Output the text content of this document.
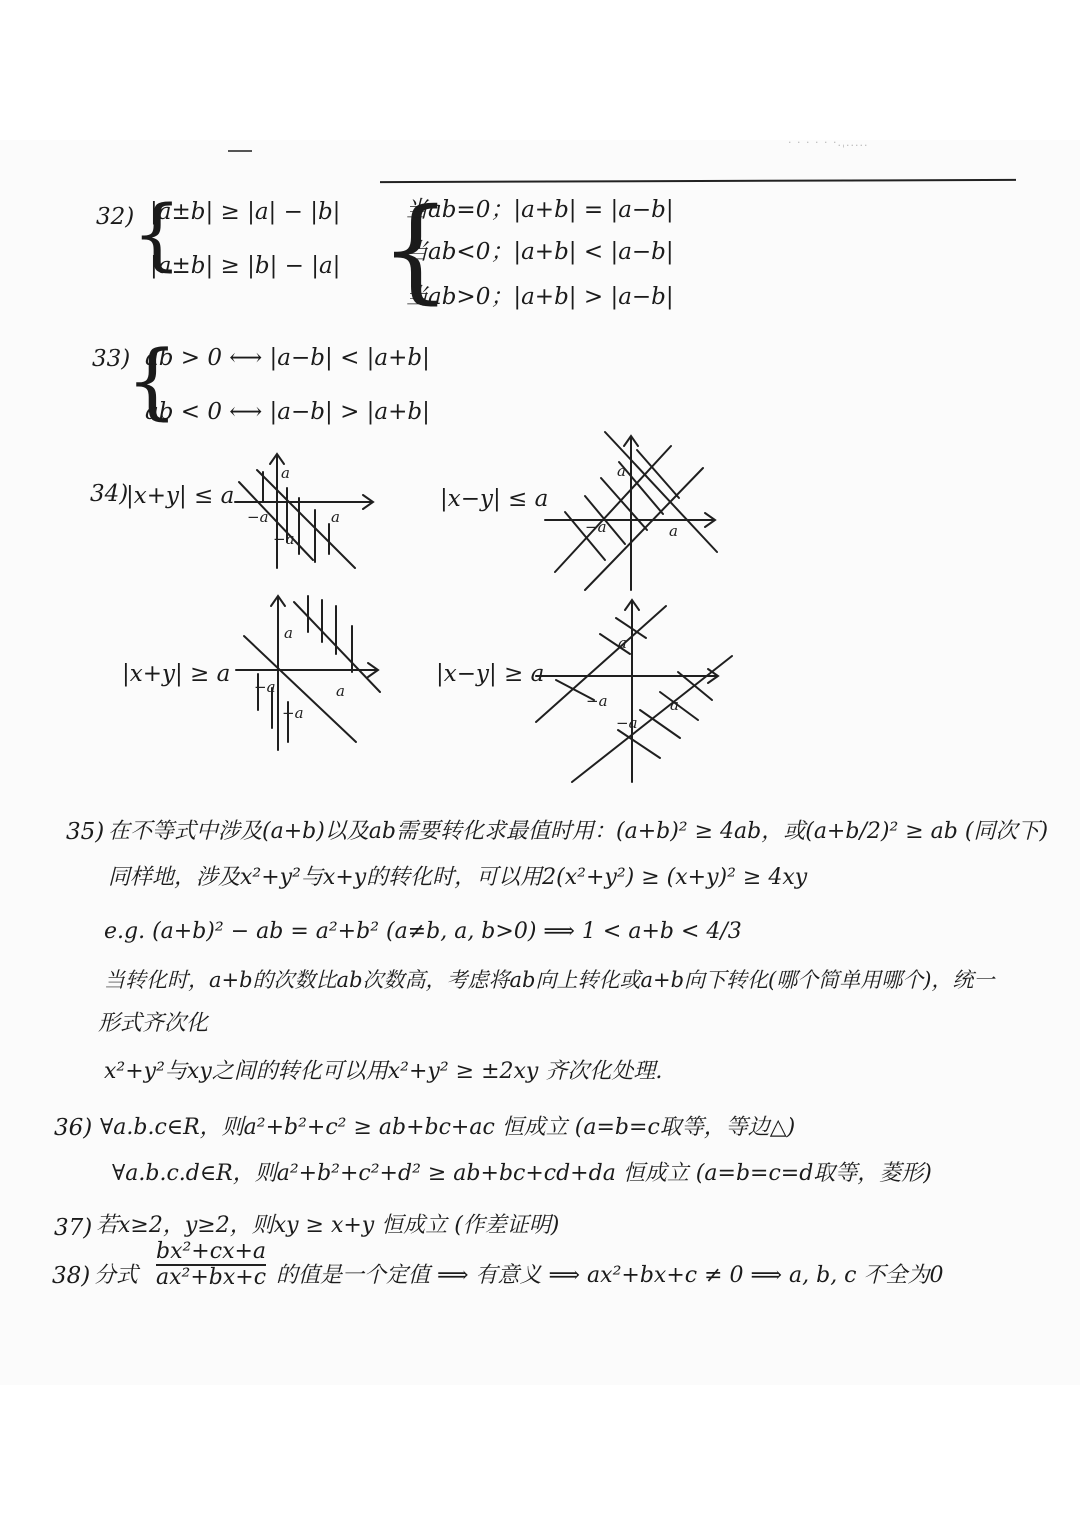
· · · · · ·.ˌ.....
32)
{
|a±b| ≥ |a| − |b|
|a±b| ≥ |b| − |a| {
当ab=0；|a+b| = |a−b|
当ab<0；|a+b| < |a−b|
当ab>0；|a+b| > |a−b|
33)
{
ab > 0 ⟷ |a−b| < |a+b|
ab < 0 ⟷ |a−b| > |a+b|
34)
|x+y| ≤ a
a
−a
−a
a
|x−y| ≤ a
a
−a	a
|x+y| ≥ a
a
−a
−a
a
|x−y| ≥ a
a
−a
−a
a
35) 在不等式中涉及(a+b)以及ab需要转化求最值时用：(a+b)² ≥ 4ab，或(a+b/2)² ≥ ab (同次下)
同样地，涉及x²+y²与x+y的转化时，可以用2(x²+y²) ≥ (x+y)² ≥ 4xy
e.g. (a+b)² − ab = a²+b² (a≠b, a, b>0) ⟹ 1 < a+b < 4/3
当转化时，a+b的次数比ab次数高，考虑将ab向上转化或a+b向下转化(哪个简单用哪个)，统一
形式齐次化
x²+y²与xy之间的转化可以用x²+y² ≥ ±2xy 齐次化处理.
36) ∀a.b.c∈R，则a²+b²+c² ≥ ab+bc+ac 恒成立 (a=b=c取等，等边△)
∀a.b.c.d∈R，则a²+b²+c²+d² ≥ ab+bc+cd+da 恒成立 (a=b=c=d取等，菱形)
37) 若x≥2，y≥2，则xy ≥ x+y 恒成立 (作差证明)
38) 分式
bx²+cx+a
ax²+bx+c 的值是一个定值 ⟹ 有意义 ⟹ ax²+bx+c ≠ 0 ⟹ a, b, c 不全为0
